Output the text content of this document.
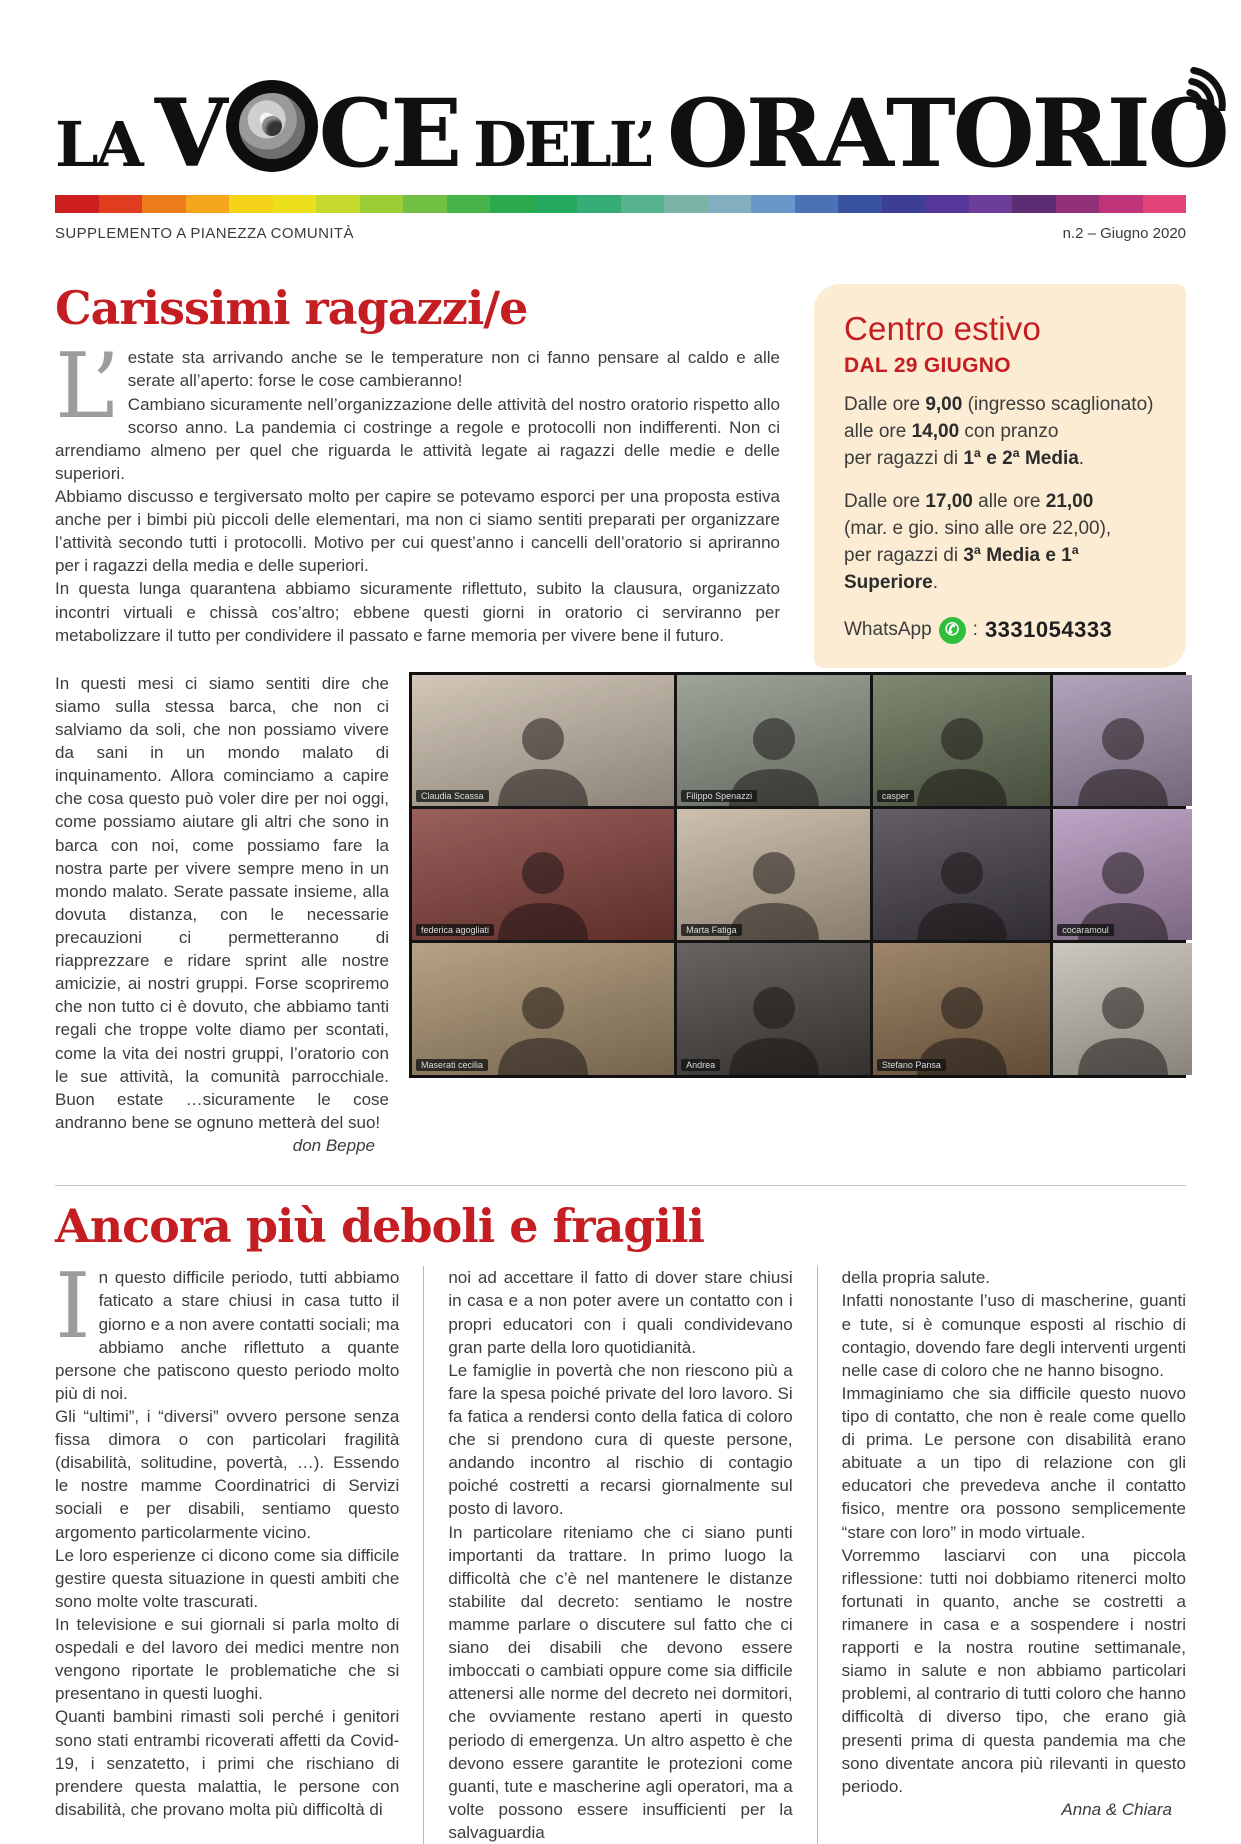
LA V CE DELL’ ORATORIO
SUPPLEMENTO A PIANEZZA COMUNITÀ	n.2 – Giugno 2020
Carissimi ragazzi/e

L’ estate sta arrivando anche se le temperature non ci fanno pensare al caldo e alle serate all’aperto: forse le cose cambieranno!

Cambiano sicuramente nell’organizzazione delle attività del nostro oratorio rispetto allo scorso anno. La pandemia ci costringe a regole e protocolli non indifferenti. Non ci arrendiamo almeno per quel che riguarda le attività legate ai ragazzi delle medie e delle superiori.

Abbiamo discusso e tergiversato molto per capire se potevamo esporci per una proposta estiva anche per i bimbi più piccoli delle elementari, ma non ci siamo sentiti preparati per organizzare l’attività secondo tutti i protocolli. Motivo per cui quest’anno i cancelli dell’oratorio si apriranno per i ragazzi della media e delle superiori.

In questa lunga quarantena abbiamo sicuramente riflettuto, subito la clausura, organizzato incontri virtuali e chissà cos’altro; ebbene questi giorni in oratorio ci serviranno per metabolizzare il tutto per condividere il passato e farne memoria per vivere bene il futuro.

Centro estivo
DAL 29 GIUGNO
Dalle ore 9,00 (ingresso scaglionato)
alle ore 14,00 con pranzo
per ragazzi di 1ª e 2ª Media.
Dalle ore 17,00 alle ore 21,00
(mar. e gio. sino alle ore 22,00),
per ragazzi di 3ª Media e 1ª Superiore.
WhatsApp ✆ : 3331054333

In questi mesi ci siamo sentiti dire che siamo sulla stessa barca, che non ci salviamo da soli, che non possiamo vivere da sani in un mondo malato di inquinamento. Allora cominciamo a capire che cosa questo può voler dire per noi oggi, come possiamo aiutare gli altri che sono in barca con noi, come possiamo fare la nostra parte per vivere sempre meno in un mondo malato. Serate passate insieme, alla dovuta distanza, con le necessarie precauzioni ci permetteranno di riapprezzare e ridare sprint alle nostre amicizie, ai nostri gruppi. Forse scopriremo che non tutto ci è dovuto, che abbiamo tanti regali che troppe volte diamo per scontati, come la vita dei nostri gruppi, l’oratorio con le sue attività, la comunità parrocchiale. Buon estate …sicuramente le cose andranno bene se ognuno metterà del suo!

don Beppe

Claudia Scassa	Filippo Spenazzi	casper
federica agogliati	Marta Fatiga	cocaramoul
Maserati cecilia	Andrea	Stefano Pansa
Ancora più deboli e fragili

In questo difficile periodo, tutti abbiamo faticato a stare chiusi in casa tutto il giorno e a non avere contatti sociali; ma abbiamo anche riflettuto a quante persone che patiscono questo periodo molto più di noi.

Gli “ultimi”, i “diversi” ovvero persone senza fissa dimora o con particolari fragilità (disabilità, solitudine, povertà, …). Essendo le nostre mamme Coordinatrici di Servizi sociali e per disabili, sentiamo questo argomento particolarmente vicino.

Le loro esperienze ci dicono come sia difficile gestire questa situazione in questi ambiti che sono molte volte trascurati.

In televisione e sui giornali si parla molto di ospedali e del lavoro dei medici mentre non vengono riportate le problematiche che si presentano in questi luoghi.

Quanti bambini rimasti soli perché i genitori sono stati entrambi ricoverati affetti da Covid-19, i senzatetto, i primi che rischiano di prendere questa malattia, le persone con disabilità, che provano molta più difficoltà di

noi ad accettare il fatto di dover stare chiusi in casa e a non poter avere un contatto con i propri educatori con i quali condividevano gran parte della loro quotidianità.

Le famiglie in povertà che non riescono più a fare la spesa poiché private del loro lavoro. Si fa fatica a rendersi conto della fatica di coloro che si prendono cura di queste persone, andando incontro al rischio di contagio poiché costretti a recarsi giornalmente sul posto di lavoro.

In particolare riteniamo che ci siano punti importanti da trattare. In primo luogo la difficoltà che c’è nel mantenere le distanze stabilite dal decreto: sentiamo le nostre mamme parlare o discutere sul fatto che ci siano dei disabili che devono essere imboccati o cambiati oppure come sia difficile attenersi alle norme del decreto nei dormitori, che ovviamente restano aperti in questo periodo di emergenza. Un altro aspetto è che devono essere garantite le protezioni come guanti, tute e mascherine agli operatori, ma a volte possono essere insufficienti per la salvaguardia

della propria salute.

Infatti nonostante l’uso di mascherine, guanti e tute, si è comunque esposti al rischio di contagio, dovendo fare degli interventi urgenti nelle case di coloro che ne hanno bisogno.

Immaginiamo che sia difficile questo nuovo tipo di contatto, che non è reale come quello di prima. Le persone con disabilità erano abituate a un tipo di relazione con gli educatori che prevedeva anche il contatto fisico, mentre ora possono semplicemente “stare con loro” in modo virtuale.

Vorremmo lasciarvi con una piccola riflessione: tutti noi dobbiamo ritenerci molto fortunati in quanto, anche se costretti a rimanere in casa e a sospendere i nostri rapporti e la nostra routine settimanale, siamo in salute e non abbiamo particolari problemi, al contrario di tutti coloro che hanno difficoltà di diverso tipo, che erano già presenti prima di questa pandemia ma che sono diventate ancora più rilevanti in questo periodo.

Anna & Chiara
